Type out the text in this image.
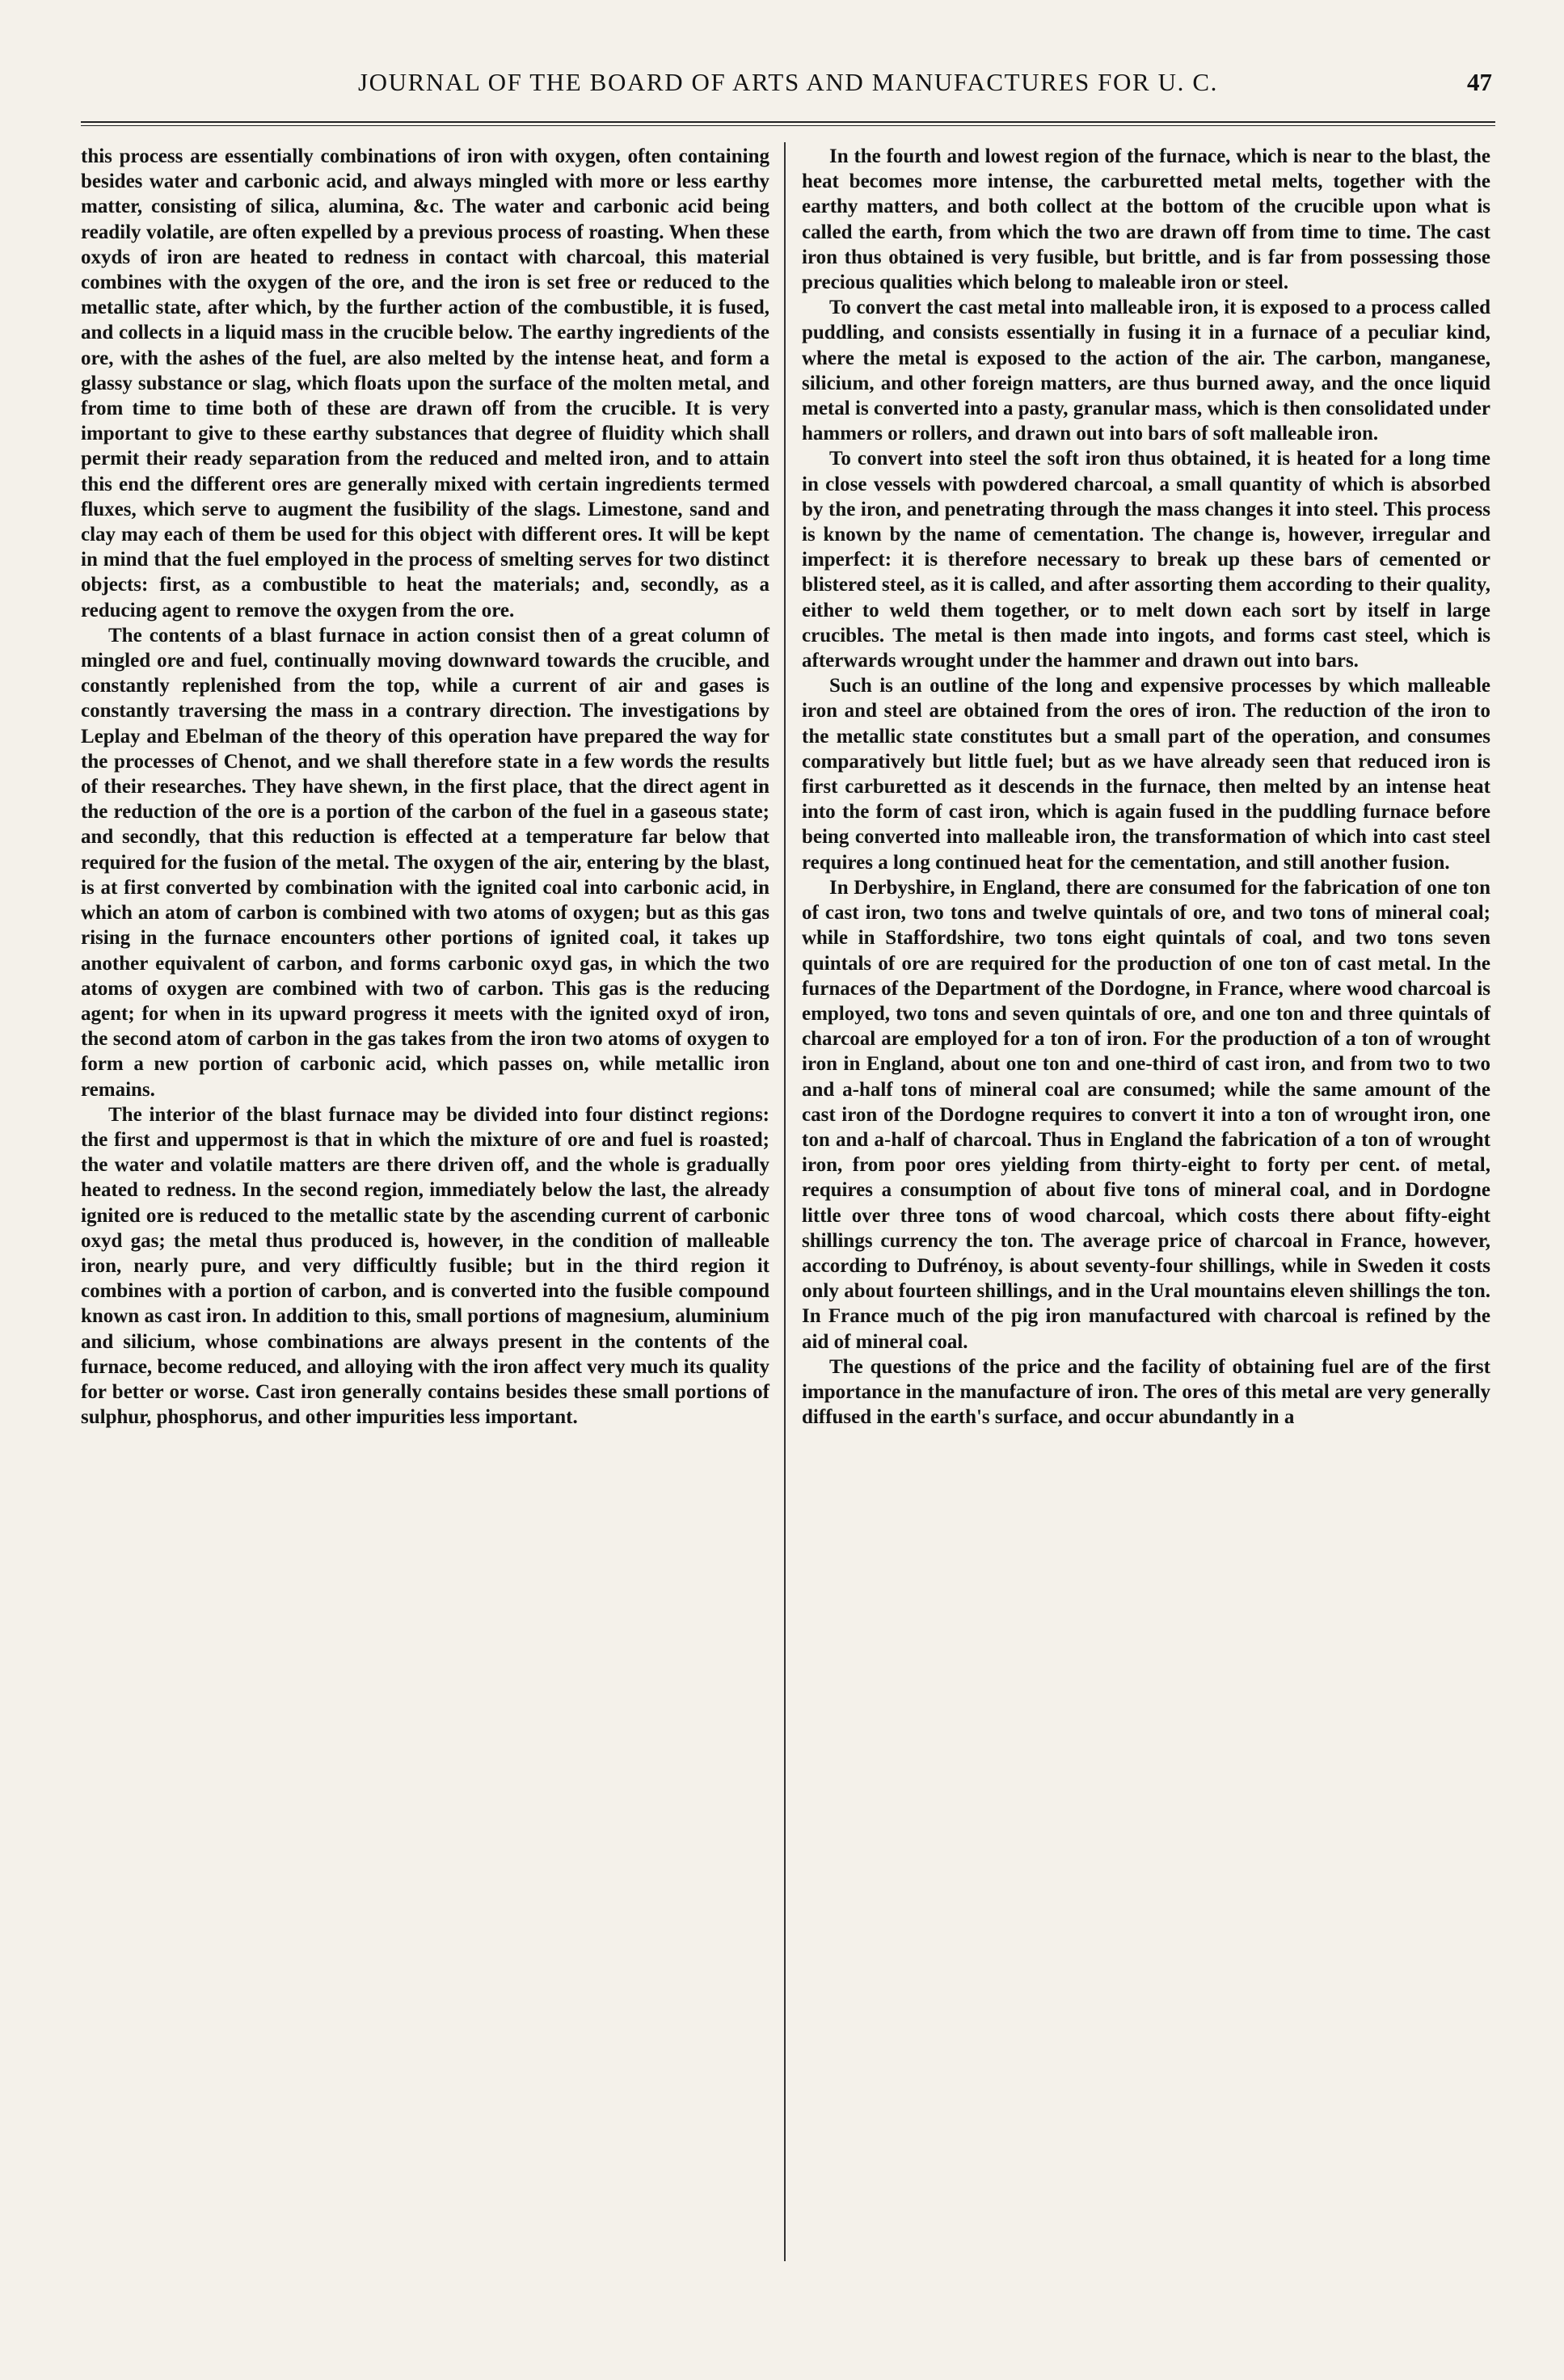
JOURNAL OF THE BOARD OF ARTS AND MANUFACTURES FOR U. C.	47

this process are essentially combinations of iron with oxygen, often containing besides water and carbonic acid, and always mingled with more or less earthy matter, consisting of silica, alumina, &c. The water and carbonic acid being readily volatile, are often expelled by a previous process of roasting. When these oxyds of iron are heated to redness in contact with charcoal, this material combines with the oxygen of the ore, and the iron is set free or reduced to the metallic state, after which, by the further action of the combustible, it is fused, and collects in a liquid mass in the crucible below. The earthy ingredients of the ore, with the ashes of the fuel, are also melted by the intense heat, and form a glassy substance or slag, which floats upon the surface of the molten metal, and from time to time both of these are drawn off from the crucible. It is very important to give to these earthy substances that degree of fluidity which shall permit their ready separation from the reduced and melted iron, and to attain this end the different ores are generally mixed with certain ingredients termed fluxes, which serve to augment the fusibility of the slags. Limestone, sand and clay may each of them be used for this object with different ores. It will be kept in mind that the fuel employed in the process of smelting serves for two distinct objects: first, as a combustible to heat the materials; and, secondly, as a reducing agent to remove the oxygen from the ore.

The contents of a blast furnace in action consist then of a great column of mingled ore and fuel, continually moving downward towards the crucible, and constantly replenished from the top, while a current of air and gases is constantly traversing the mass in a contrary direction. The investigations by Leplay and Ebelman of the theory of this operation have prepared the way for the processes of Chenot, and we shall therefore state in a few words the results of their researches. They have shewn, in the first place, that the direct agent in the reduction of the ore is a portion of the carbon of the fuel in a gaseous state; and secondly, that this reduction is effected at a temperature far below that required for the fusion of the metal. The oxygen of the air, entering by the blast, is at first converted by combination with the ignited coal into carbonic acid, in which an atom of carbon is combined with two atoms of oxygen; but as this gas rising in the furnace encounters other portions of ignited coal, it takes up another equivalent of carbon, and forms carbonic oxyd gas, in which the two atoms of oxygen are combined with two of carbon. This gas is the reducing agent; for when in its upward progress it meets with the ignited oxyd of iron, the second atom of carbon in the gas takes from the iron two atoms of oxygen to form a new portion of carbonic acid, which passes on, while metallic iron remains.

The interior of the blast furnace may be divided into four distinct regions: the first and uppermost is that in which the mixture of ore and fuel is roasted; the water and volatile matters are there driven off, and the whole is gradually heated to redness. In the second region, immediately below the last, the already ignited ore is reduced to the metallic state by the ascending current of carbonic oxyd gas; the metal thus produced is, however, in the condition of malleable iron, nearly pure, and very difficultly fusible; but in the third region it combines with a portion of carbon, and is converted into the fusible compound known as cast iron. In addition to this, small portions of magnesium, aluminium and silicium, whose combinations are always present in the contents of the furnace, become reduced, and alloying with the iron affect very much its quality for better or worse. Cast iron generally contains besides these small portions of sulphur, phosphorus, and other impurities less important.

In the fourth and lowest region of the furnace, which is near to the blast, the heat becomes more intense, the carburetted metal melts, together with the earthy matters, and both collect at the bottom of the crucible upon what is called the earth, from which the two are drawn off from time to time. The cast iron thus obtained is very fusible, but brittle, and is far from possessing those precious qualities which belong to maleable iron or steel.

To convert the cast metal into malleable iron, it is exposed to a process called puddling, and consists essentially in fusing it in a furnace of a peculiar kind, where the metal is exposed to the action of the air. The carbon, manganese, silicium, and other foreign matters, are thus burned away, and the once liquid metal is converted into a pasty, granular mass, which is then consolidated under hammers or rollers, and drawn out into bars of soft malleable iron.

To convert into steel the soft iron thus obtained, it is heated for a long time in close vessels with powdered charcoal, a small quantity of which is absorbed by the iron, and penetrating through the mass changes it into steel. This process is known by the name of cementation. The change is, however, irregular and imperfect: it is therefore necessary to break up these bars of cemented or blistered steel, as it is called, and after assorting them according to their quality, either to weld them together, or to melt down each sort by itself in large crucibles. The metal is then made into ingots, and forms cast steel, which is afterwards wrought under the hammer and drawn out into bars.

Such is an outline of the long and expensive processes by which malleable iron and steel are obtained from the ores of iron. The reduction of the iron to the metallic state constitutes but a small part of the operation, and consumes comparatively but little fuel; but as we have already seen that reduced iron is first carburetted as it descends in the furnace, then melted by an intense heat into the form of cast iron, which is again fused in the puddling furnace before being converted into malleable iron, the transformation of which into cast steel requires a long continued heat for the cementation, and still another fusion.

In Derbyshire, in England, there are consumed for the fabrication of one ton of cast iron, two tons and twelve quintals of ore, and two tons of mineral coal; while in Staffordshire, two tons eight quintals of coal, and two tons seven quintals of ore are required for the production of one ton of cast metal. In the furnaces of the Department of the Dordogne, in France, where wood charcoal is employed, two tons and seven quintals of ore, and one ton and three quintals of charcoal are employed for a ton of iron. For the production of a ton of wrought iron in England, about one ton and one-third of cast iron, and from two to two and a-half tons of mineral coal are consumed; while the same amount of the cast iron of the Dordogne requires to convert it into a ton of wrought iron, one ton and a-half of charcoal. Thus in England the fabrication of a ton of wrought iron, from poor ores yielding from thirty-eight to forty per cent. of metal, requires a consumption of about five tons of mineral coal, and in Dordogne little over three tons of wood charcoal, which costs there about fifty-eight shillings currency the ton. The average price of charcoal in France, however, according to Dufrénoy, is about seventy-four shillings, while in Sweden it costs only about fourteen shillings, and in the Ural mountains eleven shillings the ton. In France much of the pig iron manufactured with charcoal is refined by the aid of mineral coal.

The questions of the price and the facility of obtaining fuel are of the first importance in the manufacture of iron. The ores of this metal are very generally diffused in the earth's surface, and occur abundantly in a
